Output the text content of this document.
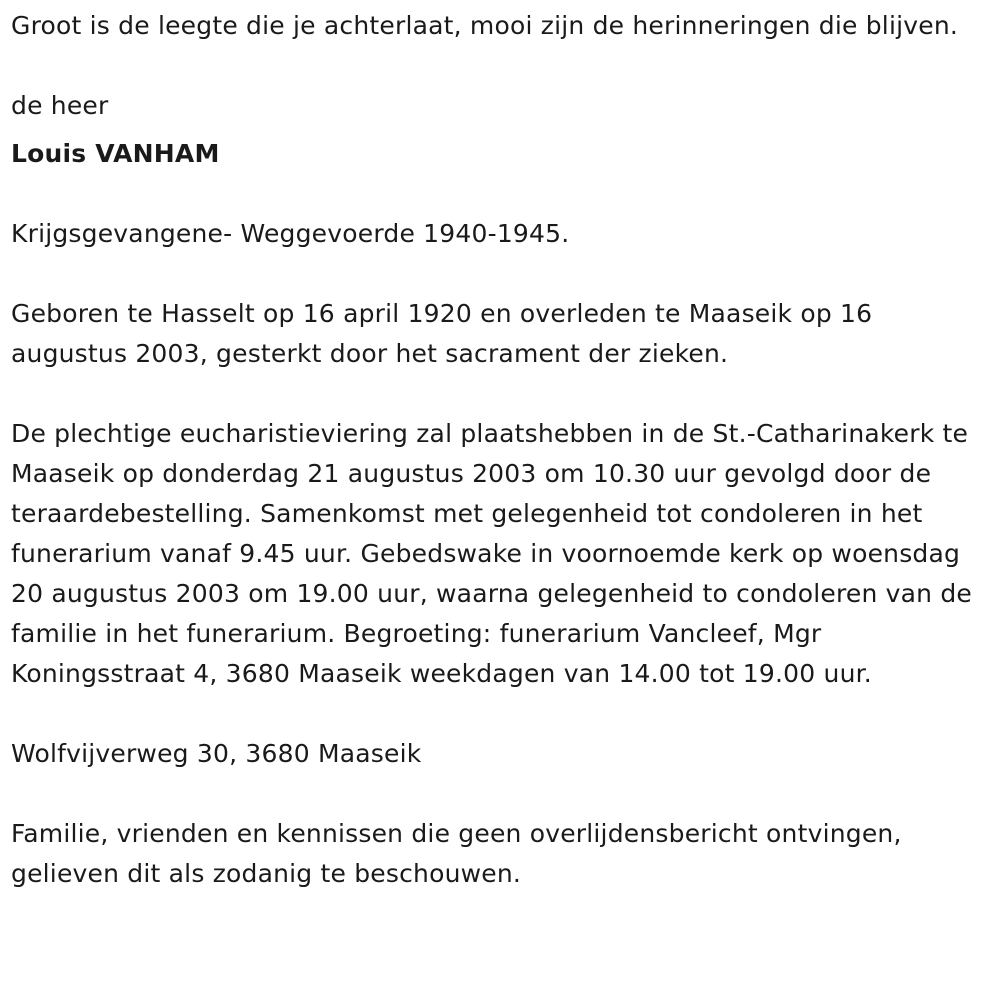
Groot is de leegte die je achterlaat, mooi zijn de herinneringen die blijven.

de heer

Louis VANHAM

Krijgsgevangene- Weggevoerde 1940-1945.

Geboren te Hasselt op 16 april 1920 en overleden te Maaseik op 16 augustus 2003, gesterkt door het sacrament der zieken.

De plechtige eucharistieviering zal plaatshebben in de St.-Catharinakerk te Maaseik op donderdag 21 augustus 2003 om 10.30 uur gevolgd door de teraardebestelling. Samenkomst met gelegenheid tot condoleren in het funerarium vanaf 9.45 uur. Gebedswake in voornoemde kerk op woensdag 20 augustus 2003 om 19.00 uur, waarna gelegenheid to condoleren van de familie in het funerarium. Begroeting: funerarium Vancleef, Mgr Koningsstraat 4, 3680 Maaseik weekdagen van 14.00 tot 19.00 uur.

Wolfvijverweg 30, 3680 Maaseik

Familie, vrienden en kennissen die geen overlijdensbericht ontvingen, gelieven dit als zodanig te beschouwen.
